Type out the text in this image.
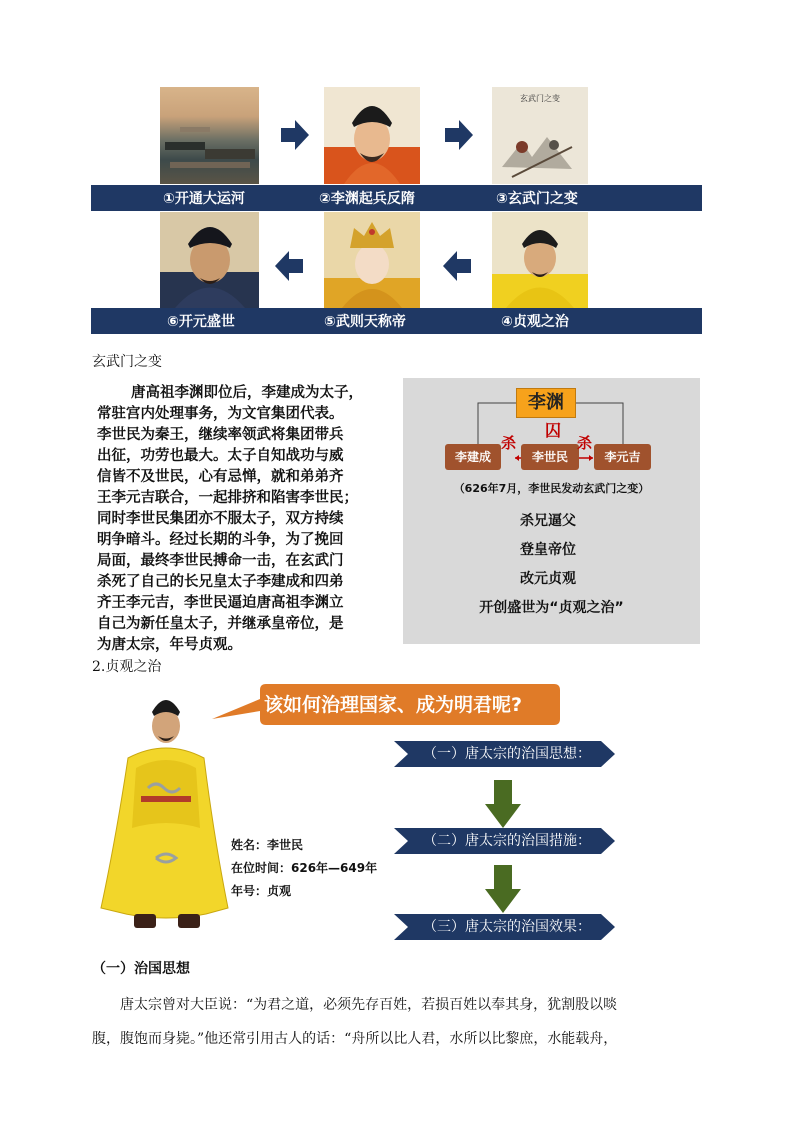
玄武门之变
①开通大运河	②李渊起兵反隋	③玄武门之变
⑥开元盛世	⑤武则天称帝	④贞观之治
玄武门之变
唐高祖李渊即位后，李建成为太子，
常驻宫内处理事务，为文官集团代表。
李世民为秦王，继续率领武将集团带兵
出征，功劳也最大。太子自知战功与威
信皆不及世民，心有忌惮，就和弟弟齐
王李元吉联合，一起排挤和陷害李世民；
同时李世民集团亦不服太子，双方持续
明争暗斗。经过长期的斗争，为了挽回
局面，最终李世民搏命一击，在玄武门
杀死了自己的长兄皇太子李建成和四弟
齐王李元吉，李世民逼迫唐高祖李渊立
自己为新任皇太子，并继承皇帝位，是
为唐太宗，年号贞观。
李渊
囚
李建成	李世民	李元吉
杀	杀
（626年7月，李世民发动玄武门之变）
杀兄逼父
登皇帝位
改元贞观
开创盛世为“贞观之治”
2.贞观之治
该如何治理国家、成为明君呢?
姓名：李世民
在位时间：626年—649年
年号：贞观
（一）唐太宗的治国思想：
（二）唐太宗的治国措施：
（三）唐太宗的治国效果：
（一）治国思想
唐太宗曾对大臣说：“为君之道，必须先存百姓，若损百姓以奉其身，犹割股以啖
腹，腹饱而身毙。”他还常引用古人的话：“舟所以比人君，水所以比黎庶，水能载舟，
